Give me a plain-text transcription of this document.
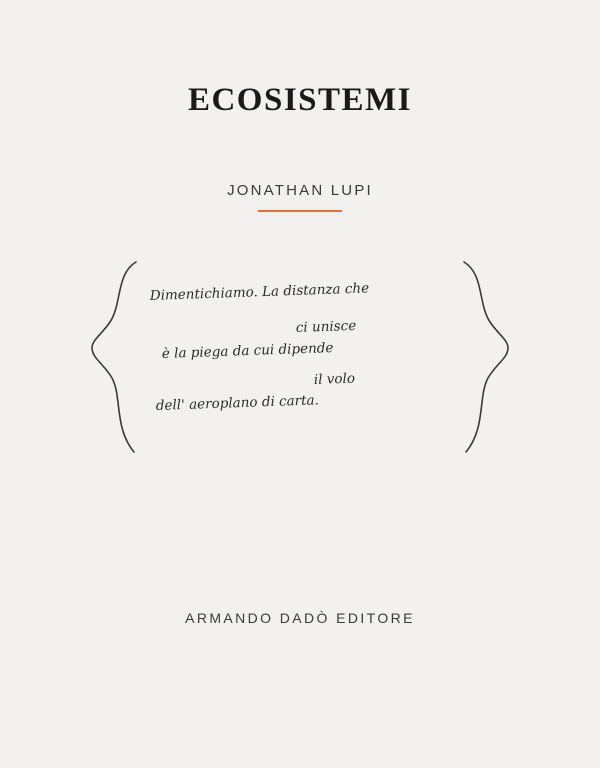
ECOSISTEMI
JONATHAN LUPI
Dimentichiamo. La distanza che
ci unisce
è la piega da cui dipende
il volo
dell' aeroplano di carta.
ARMANDO DADÒ EDITORE
